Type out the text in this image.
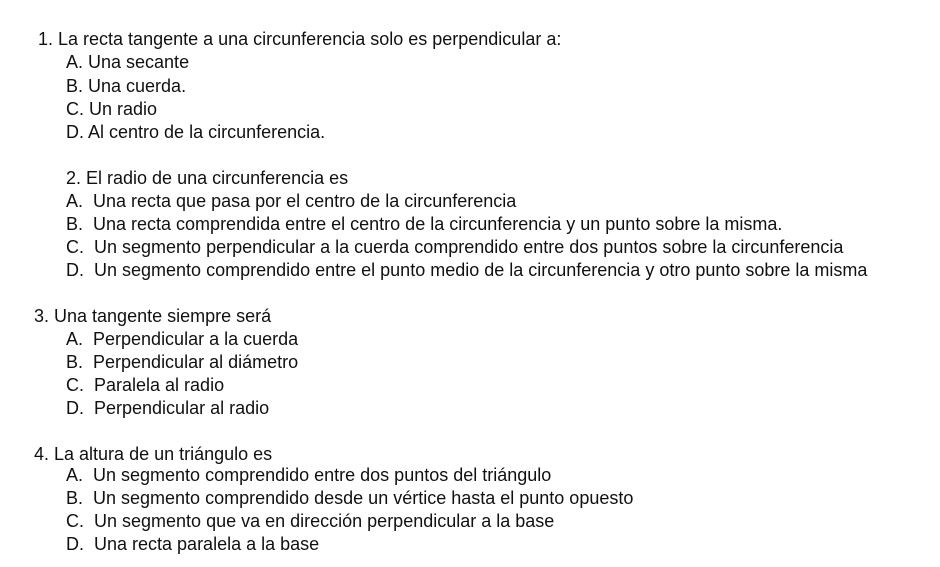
1. La recta tangente a una circunferencia solo es perpendicular a:
A. Una secante
B. Una cuerda.
C. Un radio
D. Al centro de la circunferencia.
2. El radio de una circunferencia es
A.  Una recta que pasa por el centro de la circunferencia
B.  Una recta comprendida entre el centro de la circunferencia y un punto sobre la misma.
C.  Un segmento perpendicular a la cuerda comprendido entre dos puntos sobre la circunferencia
D.  Un segmento comprendido entre el punto medio de la circunferencia y otro punto sobre la misma
3. Una tangente siempre será
A.  Perpendicular a la cuerda
B.  Perpendicular al diámetro
C.  Paralela al radio
D.  Perpendicular al radio
4. La altura de un triángulo es
A.  Un segmento comprendido entre dos puntos del triángulo
B.  Un segmento comprendido desde un vértice hasta el punto opuesto
C.  Un segmento que va en dirección perpendicular a la base
D.  Una recta paralela a la base
